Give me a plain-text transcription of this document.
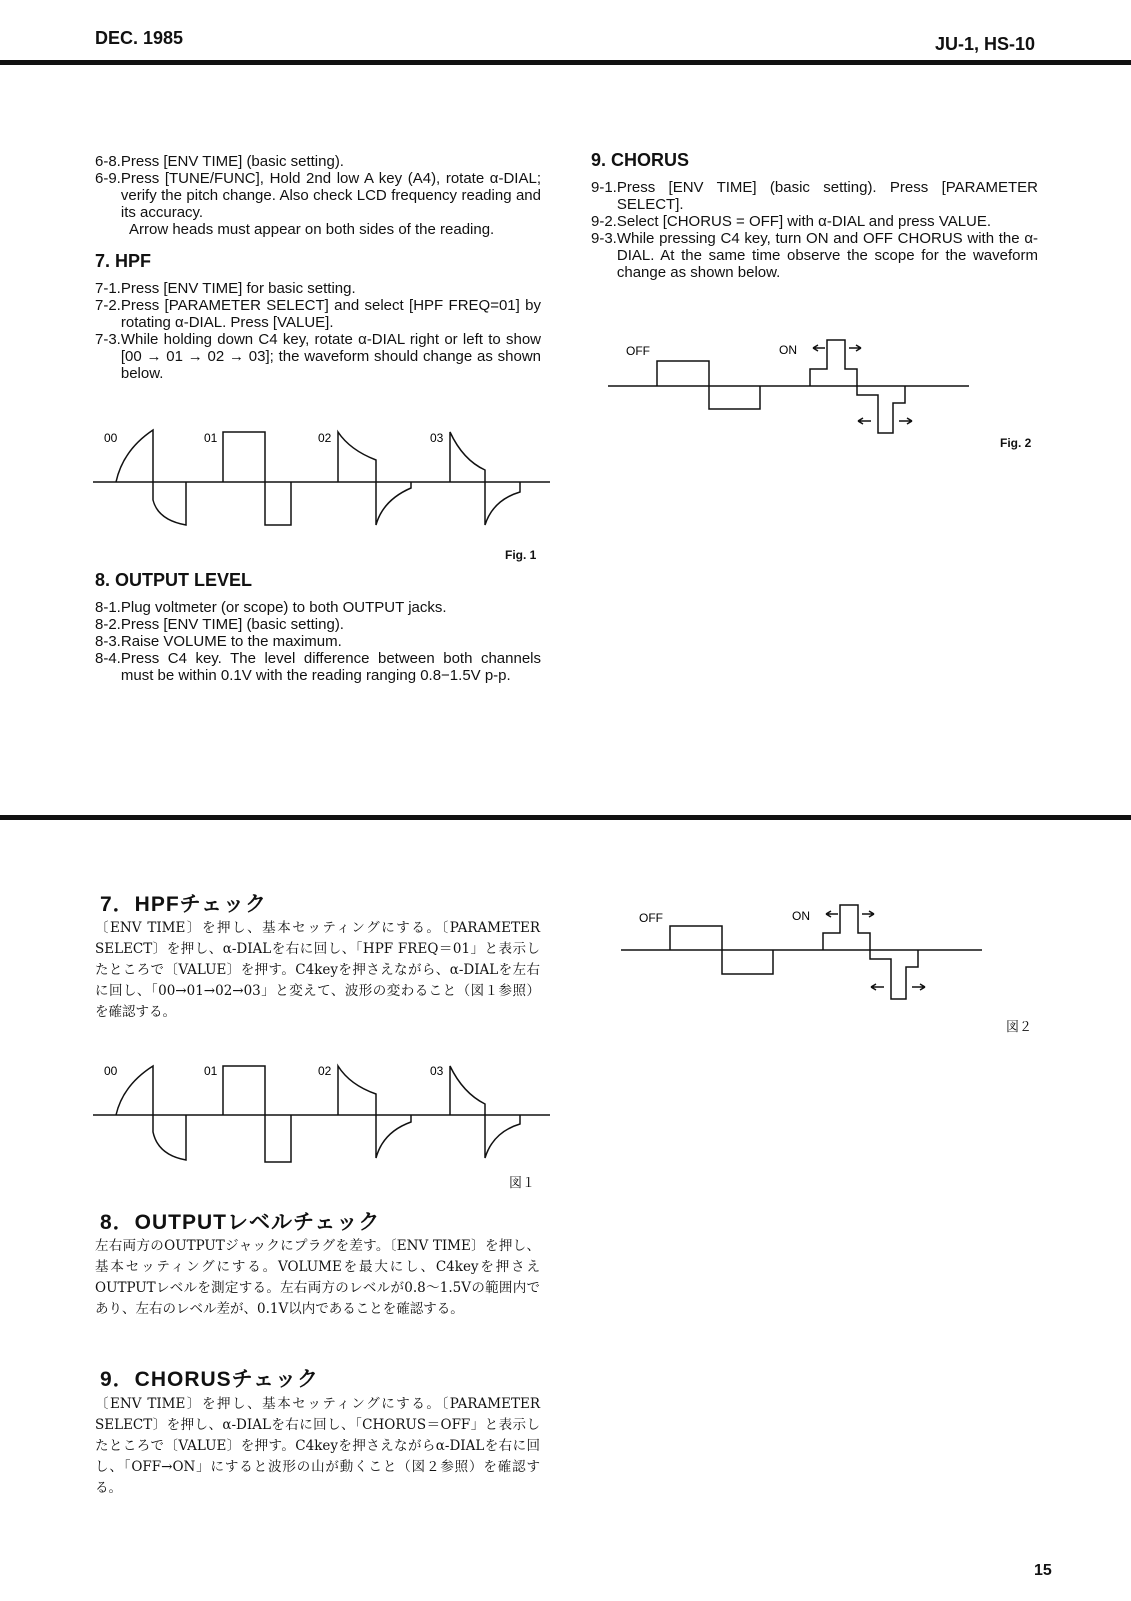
DEC. 1985	JU-1, HS-10
6-8. Press [ENV TIME] (basic setting).
6-9. Press [TUNE/FUNC], Hold 2nd low A key (A4), rotate α-DIAL; verify the pitch change. Also check LCD frequency reading and its accuracy.
Arrow heads must appear on both sides of the reading.
7. HPF
7-1. Press [ENV TIME] for basic setting.
7-2. Press [PARAMETER SELECT] and select [HPF FREQ=01] by rotating α-DIAL. Press [VALUE].
7-3. While holding down C4 key, rotate α-DIAL right or left to show [00 → 01 → 02 → 03]; the waveform should change as shown below.
00	01	02	03
Fig. 1
8. OUTPUT LEVEL
8-1. Plug voltmeter (or scope) to both OUTPUT jacks.
8-2. Press [ENV TIME] (basic setting).
8-3. Raise VOLUME to the maximum.
8-4. Press C4 key. The level difference between both channels must be within 0.1V with the reading ranging 0.8−1.5V p-p.
9. CHORUS
9-1. Press [ENV TIME] (basic setting). Press [PARAMETER SELECT].
9-2. Select [CHORUS = OFF] with α-DIAL and press VALUE.
9-3. While pressing C4 key, turn ON and OFF CHORUS with the α-DIAL. At the same time observe the scope for the waveform change as shown below.
OFF	ON
Fig. 2
7．HPFチェック
〔ENV TIME〕を押し、基本セッティングにする。〔PARAMETER SELECT〕を押し、α-DIALを右に回し、「HPF FREQ＝01」と表示したところで〔VALUE〕を押す。C4keyを押さえながら、α-DIALを左右に回し、「00→01→02→03」と変えて、波形の変わること（図１参照）を確認する。
00	01	02	03
図１
8．OUTPUTレベルチェック
左右両方のOUTPUTジャックにプラグを差す。〔ENV TIME〕を押し、基本セッティングにする。VOLUMEを最大にし、C4keyを押さえOUTPUTレベルを測定する。左右両方のレベルが0.8～1.5Vの範囲内であり、左右のレベル差が、0.1V以内であることを確認する。
9．CHORUSチェック
〔ENV TIME〕を押し、基本セッティングにする。〔PARAMETER SELECT〕を押し、α-DIALを右に回し、「CHORUS＝OFF」と表示したところで〔VALUE〕を押す。C4keyを押さえながらα-DIALを右に回し、「OFF→ON」にすると波形の山が動くこと（図２参照）を確認する。
OFF	ON
図２
15
